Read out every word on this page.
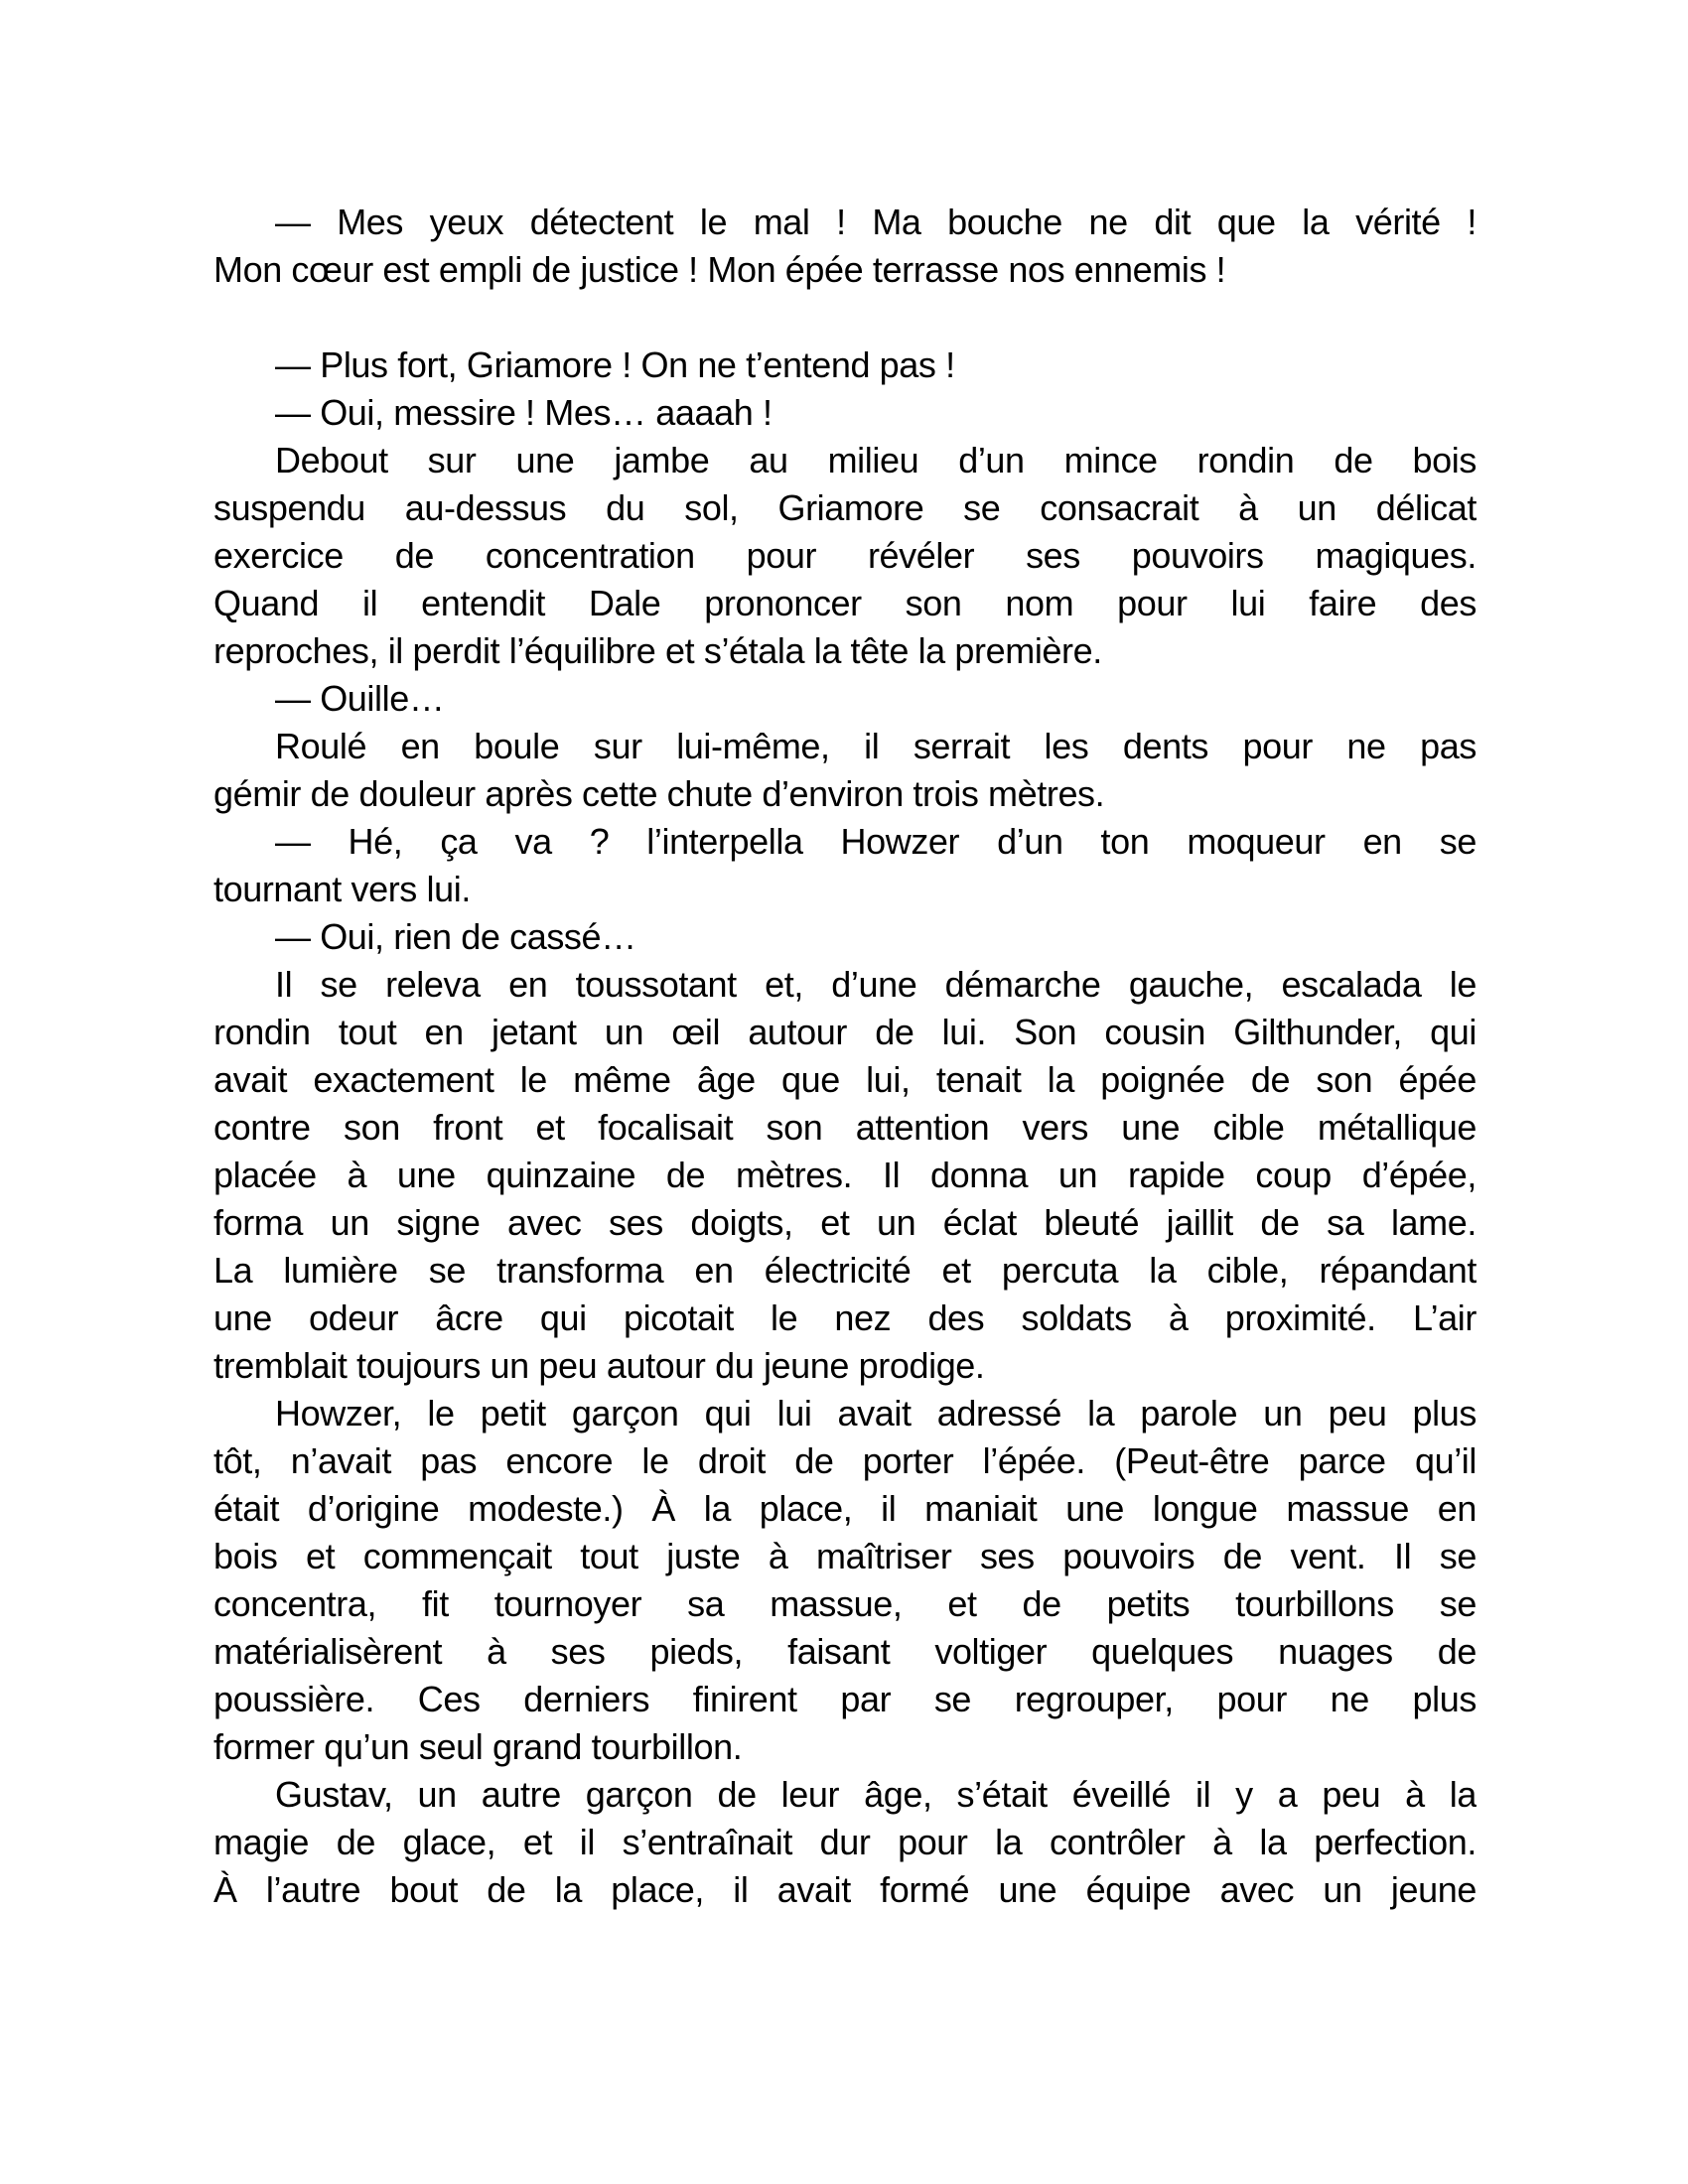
— Mes yeux détectent le mal ! Ma bouche ne dit que la vérité !
Mon cœur est empli de justice ! Mon épée terrasse nos ennemis !
— Plus fort, Griamore ! On ne t’entend pas !
— Oui, messire ! Mes… aaaah !
Debout sur une jambe au milieu d’un mince rondin de bois
suspendu au-dessus du sol, Griamore se consacrait à un délicat
exercice de concentration pour révéler ses pouvoirs magiques.
Quand il entendit Dale prononcer son nom pour lui faire des
reproches, il perdit l’équilibre et s’étala la tête la première.
— Ouille…
Roulé en boule sur lui-même, il serrait les dents pour ne pas
gémir de douleur après cette chute d’environ trois mètres.
— Hé, ça va ? l’interpella Howzer d’un ton moqueur en se
tournant vers lui.
— Oui, rien de cassé…
Il se releva en toussotant et, d’une démarche gauche, escalada le
rondin tout en jetant un œil autour de lui. Son cousin Gilthunder, qui
avait exactement le même âge que lui, tenait la poignée de son épée
contre son front et focalisait son attention vers une cible métallique
placée à une quinzaine de mètres. Il donna un rapide coup d’épée,
forma un signe avec ses doigts, et un éclat bleuté jaillit de sa lame.
La lumière se transforma en électricité et percuta la cible, répandant
une odeur âcre qui picotait le nez des soldats à proximité. L’air
tremblait toujours un peu autour du jeune prodige.
Howzer, le petit garçon qui lui avait adressé la parole un peu plus
tôt, n’avait pas encore le droit de porter l’épée. (Peut-être parce qu’il
était d’origine modeste.) À la place, il maniait une longue massue en
bois et commençait tout juste à maîtriser ses pouvoirs de vent. Il se
concentra, fit tournoyer sa massue, et de petits tourbillons se
matérialisèrent à ses pieds, faisant voltiger quelques nuages de
poussière. Ces derniers finirent par se regrouper, pour ne plus
former qu’un seul grand tourbillon.
Gustav, un autre garçon de leur âge, s’était éveillé il y a peu à la
magie de glace, et il s’entraînait dur pour la contrôler à la perfection.
À l’autre bout de la place, il avait formé une équipe avec un jeune
